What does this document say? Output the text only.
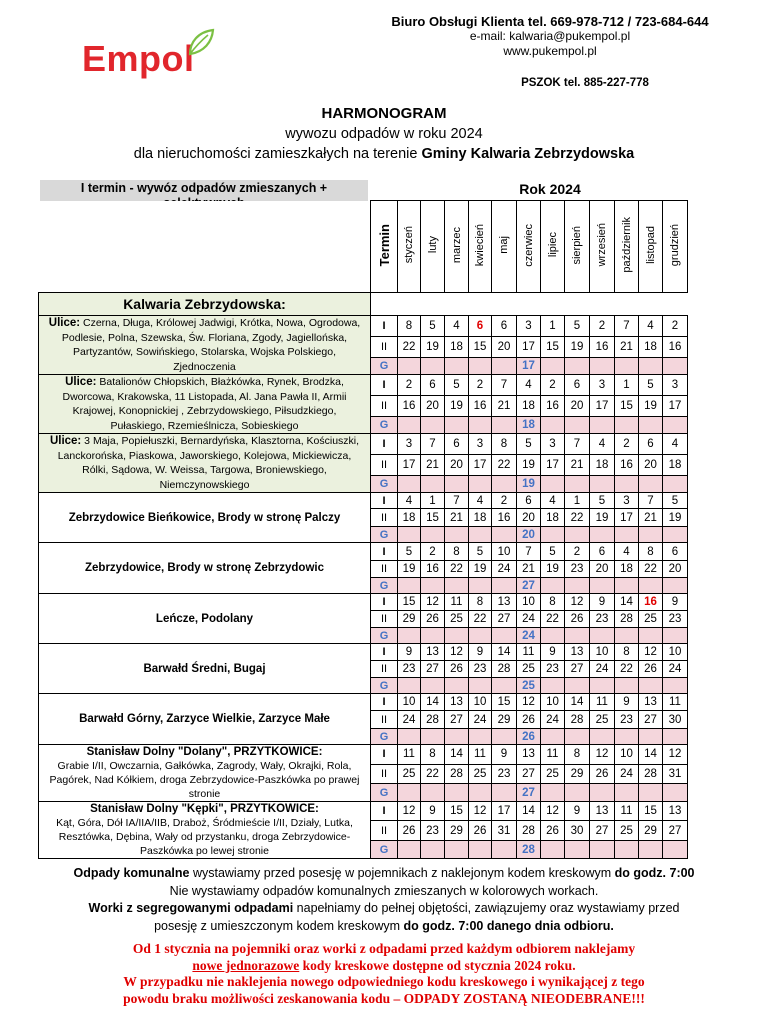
Empol
Biuro Obsługi Klienta tel. 669-978-712 / 723-684-644
e-mail: kalwaria@pukempol.pl
www.pukempol.pl
PSZOK tel. 885-227-778
HARMONOGRAM
wywozu odpadów w roku 2024
dla nieruchomości zamieszkałych na terenie Gminy Kalwaria Zebrzydowska
I termin - wywóz odpadów zmieszanych +	Rok 2024
	Termin	styczeń	luty	marzec	kwiecień	maj	czerwiec	lipiec	sierpień	wrzesień	październik	listopad	grudzień
Kalwaria Zebrzydowska:													
Ulice: Czerna, Długa, Królowej Jadwigi, Krótka, Nowa, Ogrodowa, Podlesie, Polna, Szewska, Św. Floriana, Zgody, Jagiellońska, Partyzantów, Sowińskiego, Stolarska, Wojska Polskiego, Zjednoczenia	I	8	5	4	6	6	3	1	5	2	7	4	2
	II	22	19	18	15	20	17	15	19	16	21	18	16
	G						17						
Ulice: Batalionów Chłopskich, Błażkówka, Rynek, Brodzka, Dworcowa, Krakowska, 11 Listopada, Al. Jana Pawła II, Armii Krajowej, Konopnickiej , Zebrzydowskiego, Piłsudzkiego, Pułaskiego, Rzemieślnicza, Sobieskiego	I	2	6	5	2	7	4	2	6	3	1	5	3
	II	16	20	19	16	21	18	16	20	17	15	19	17
	G						18						
Ulice: 3 Maja, Popiełuszki, Bernardyńska, Klasztorna, Kościuszki, Lanckorońska, Piaskowa, Jaworskiego, Kolejowa, Mickiewicza, Rólki, Sądowa, W. Weissa, Targowa, Broniewskiego, Niemczynowskiego	I	3	7	6	3	8	5	3	7	4	2	6	4
	II	17	21	20	17	22	19	17	21	18	16	20	18
	G						19						

Zebrzydowice Bieńkowice, Brody w stronę Palczy	I	4	1	7	4	2	6	4	1	5	3	7	5
	II	18	15	21	18	16	20	18	22	19	17	21	19
	G						20						

Zebrzydowice, Brody w stronę Zebrzydowic	I	5	2	8	5	10	7	5	2	6	4	8	6
	II	19	16	22	19	24	21	19	23	20	18	22	20
	G						27						

Leńcze, Podolany	I	15	12	11	8	13	10	8	12	9	14	16	9
	II	29	26	25	22	27	24	22	26	23	28	25	23
	G						24						

Barwałd Średni, Bugaj	I	9	13	12	9	14	11	9	13	10	8	12	10
	II	23	27	26	23	28	25	23	27	24	22	26	24
	G						25						

Barwałd Górny, Zarzyce Wielkie, Zarzyce Małe	I	10	14	13	10	15	12	10	14	11	9	13	11
	II	24	28	27	24	29	26	24	28	25	23	27	30
	G						26						

Stanisław Dolny "Dolany", PRZYTKOWICE:
Grabie I/II, Owczarnia, Gałkówka, Zagrody, Wały, Okrajki, Rola, Pagórek, Nad Kółkiem, droga Zebrzydowice-Paszkówka po prawej stronie	I	11	8	14	11	9	13	11	8	12	10	14	12
	II	25	22	28	25	23	27	25	29	26	24	28	31
	G						27						

Stanisław Dolny "Kępki", PRZYTKOWICE:
Kąt, Góra, Dół IA/IIA/IIB, Draboż, Śródmieście I/II, Działy, Lutka, Resztówka, Dębina, Wały od przystanku, droga Zebrzydowice-Paszkówka po lewej stronie	I	12	9	15	12	17	14	12	9	13	11	15	13
	II	26	23	29	26	31	28	26	30	27	25	29	27
	G						28						
Odpady komunalne wystawiamy przed posesję w pojemnikach z naklejonym kodem kreskowym do godz. 7:00
Nie wystawiamy odpadów komunalnych zmieszanych w kolorowych workach.
Worki z segregowanymi odpadami napełniamy do pełnej objętości, zawiązujemy oraz wystawiamy przed
posesję z umieszczonym kodem kreskowym do godz. 7:00 danego dnia odbioru.
Od 1 stycznia na pojemniki oraz worki z odpadami przed każdym odbiorem naklejamy
nowe jednorazowe kody kreskowe dostępne od stycznia 2024 roku.
W przypadku nie naklejenia nowego odpowiedniego kodu kreskowego i wynikającej z tego
powodu braku możliwości zeskanowania kodu – ODPADY ZOSTANĄ NIEODEBRANE!!!
